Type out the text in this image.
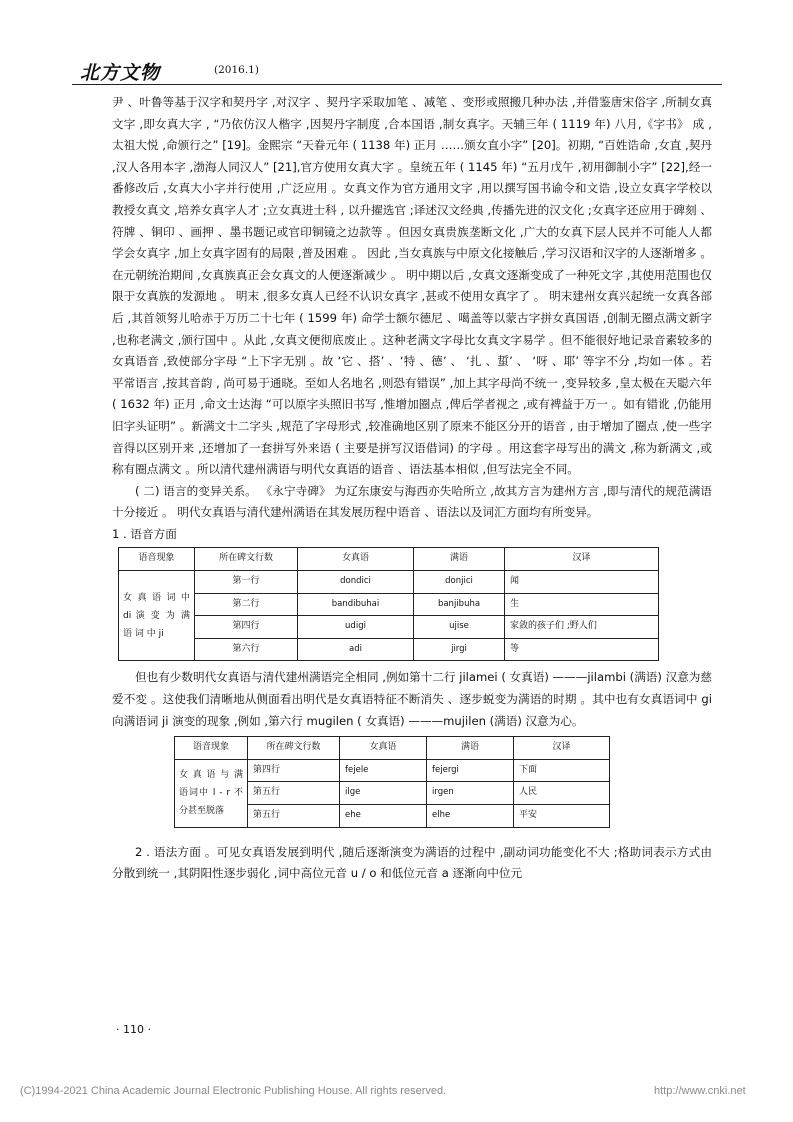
北方文物	(2016.1)

尹 、叶鲁等基于汉字和契丹字 ,对汉字 、契丹字采取加笔 、减笔 、变形或照搬几种办法 ,并借鉴唐宋俗字 ,所制女真文字 ,即女真大字 , “乃依仿汉人楷字 ,因契丹字制度 ,合本国语 ,制女真字。天辅三年 ( 1119 年) 八月,《字书》 成 ,太祖大悦 ,命颁行之” [19]。金熙宗 “天眷元年 ( 1138 年) 正月 ……颁女直小字” [20]。初期, “百姓诰命 ,女直 ,契丹 ,汉人各用本字 ,渤海人同汉人” [21],官方使用女真大字 。皇统五年 ( 1145 年) “五月戊午 ,初用御制小字” [22],经一番修改后 ,女真大小字并行使用 ,广泛应用 。女真文作为官方通用文字 ,用以撰写国书谕令和文诰 ,设立女真字学校以教授女真文 ,培养女真字人才 ;立女真进士科 , 以升擢选官 ;译述汉文经典 ,传播先进的汉文化 ;女真字还应用于碑刻 、符牌 、铜印 、画押 、墨书题记或官印铜镜之边款等 。但因女真贵族垄断文化 ,广大的女真下层人民并不可能人人都学会女真字 ,加上女真字固有的局限 ,普及困难 。 因此 ,当女真族与中原文化接触后 ,学习汉语和汉字的人逐渐增多 。在元朝统治期间 ,女真族真正会女真文的人便逐渐减少 。 明中期以后 ,女真文逐渐变成了一种死文字 ,其使用范围也仅限于女真族的发源地 。 明末 ,很多女真人已经不认识女真字 ,甚或不使用女真字了 。 明末建州女真兴起统一女真各部后 ,其首领努儿哈赤于万历二十七年 ( 1599 年) 命学士额尔德尼 、噶盖等以蒙古字拼女真国语 ,创制无圈点满文新字 ,也称老满文 ,颁行国中 。从此 ,女真文便彻底废止 。这种老满文字母比女真文字易学 。但不能很好地记录音素较多的女真语音 ,致使部分字母 “上下字无别 。故 ‘它 、搭’ 、‘特 、德’ 、 ‘扎 、蜇’ 、 ‘呀 、耶’ 等字不分 ,均如一体 。若平常语言 ,按其音韵 , 尚可易于通晓。至如人名地名 ,则恐有错误” ,加上其字母尚不统一 ,变异较多 ,皇太极在天聪六年 ( 1632 年) 正月 ,命文士达海 “可以原字头照旧书写 ,惟增加圈点 ,俾后学者视之 ,或有裨益于万一 。如有错讹 ,仍能用旧字头证明” 。新满文十二字头 ,规范了字母形式 ,较准确地区别了原来不能区分开的语音 , 由于增加了圈点 ,使一些字音得以区别开来 ,还增加了一套拼写外来语 ( 主要是拼写汉语借词) 的字母 。用这套字母写出的满文 ,称为新满文 ,或称有圈点满文 。所以清代建州满语与明代女真语的语音 、语法基本相似 ,但写法完全不同。

( 二) 语言的变异关系。 《永宁寺碑》 为辽东康安与海西亦失哈所立 ,故其方言为建州方言 ,即与清代的规范满语十分接近 。 明代女真语与清代建州满语在其发展历程中语音 、语法以及词汇方面均有所变异。

1 . 语音方面

语音现象	所在碑文行数	女真语	满语	汉译
女 真 语 词 中 di 演 变 为 满 语 词 中 ji	第一行	dondici	donjici	闻
	第二行	bandibuhai	banjibuha	生
	第四行	udigi	ujise	家敛的孩子们 ;野人们
	第六行	adi	jirgi	等

但也有少数明代女真语与清代建州满语完全相同 ,例如第十二行 jilamei ( 女真语) ———jilambi (满语) 汉意为慈爱不変 。这使我们清晰地从侧面看出明代是女真语特征不断消失 、逐步蜕变为满语的时期 。其中也有女真语词中 gi 向满语词 ji 演变的现象 ,例如 ,第六行 mugilen ( 女真语) ———mujilen (满语) 汉意为心。

语音现象	所在碑文行数	女真语	满语	汉译
女 真 语 与 满语词中 l - r 不分甚至脱落	第四行	fejele	fejergi	下面
	第五行	ilge	irgen	人民
	第五行	ehe	elhe	平安

2 . 语法方面 。可见女真语发展到明代 ,随后逐渐演变为满语的过程中 ,副动词功能变化不大 ;格助词表示方式由分散到统一 ,其阴阳性逐步弱化 ,词中高位元音 u / o 和低位元音 a 逐渐向中位元

· 110 ·
(C)1994-2021 China Academic Journal Electronic Publishing House. All rights reserved.	http://www.cnki.net
